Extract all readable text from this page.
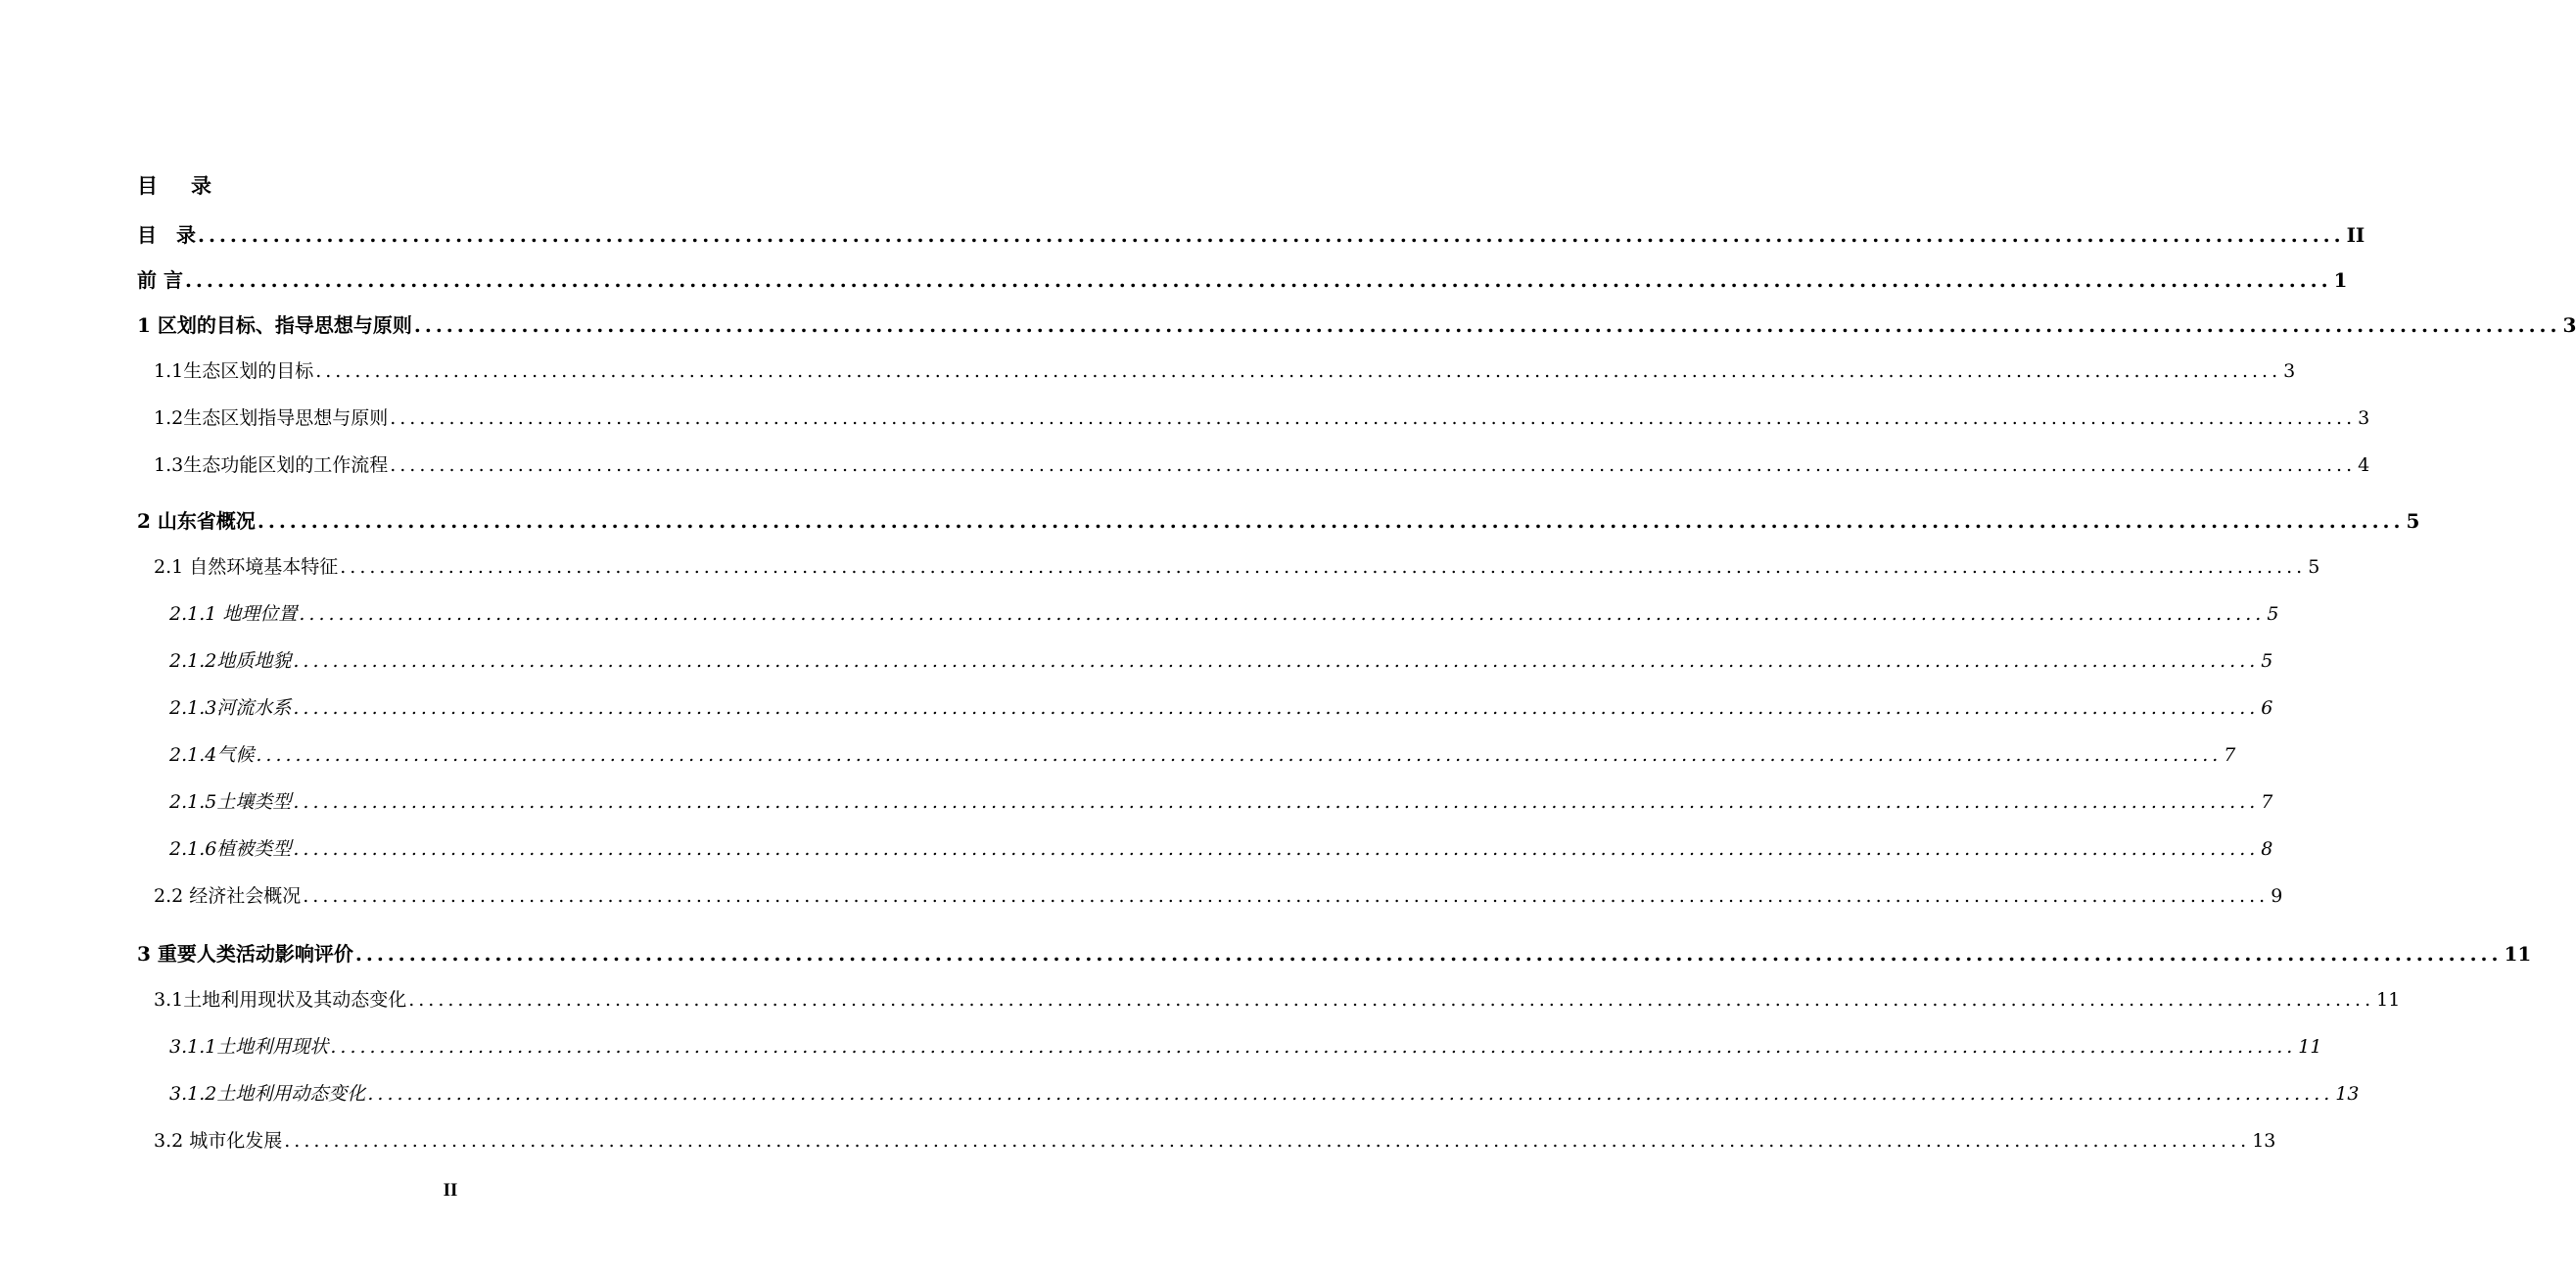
目录
目　录 ........................................................................................................................................................................................................ II
前 言 ........................................................................................................................................................................................................ 1
1 区划的目标、指导思想与原则 ........................................................................................................................................................................................................ 3
1.1生态区划的目标 ........................................................................................................................................................................................................ 3
1.2生态区划指导思想与原则 ........................................................................................................................................................................................................ 3
1.3生态功能区划的工作流程 ........................................................................................................................................................................................................ 4
2 山东省概况 ........................................................................................................................................................................................................ 5
2.1 自然环境基本特征 ........................................................................................................................................................................................................ 5
2.1.1 地理位置 ........................................................................................................................................................................................................ 5
2.1.2地质地貌 ........................................................................................................................................................................................................ 5
2.1.3河流水系 ........................................................................................................................................................................................................ 6
2.1.4气候 ........................................................................................................................................................................................................ 7
2.1.5土壤类型 ........................................................................................................................................................................................................ 7
2.1.6植被类型 ........................................................................................................................................................................................................ 8
2.2 经济社会概况 ........................................................................................................................................................................................................ 9
3 重要人类活动影响评价 ........................................................................................................................................................................................................ 11
3.1土地利用现状及其动态变化 ........................................................................................................................................................................................................ 11
3.1.1土地利用现状 ........................................................................................................................................................................................................ 11
3.1.2土地利用动态变化 ........................................................................................................................................................................................................ 13
3.2 城市化发展 ........................................................................................................................................................................................................ 13
II
